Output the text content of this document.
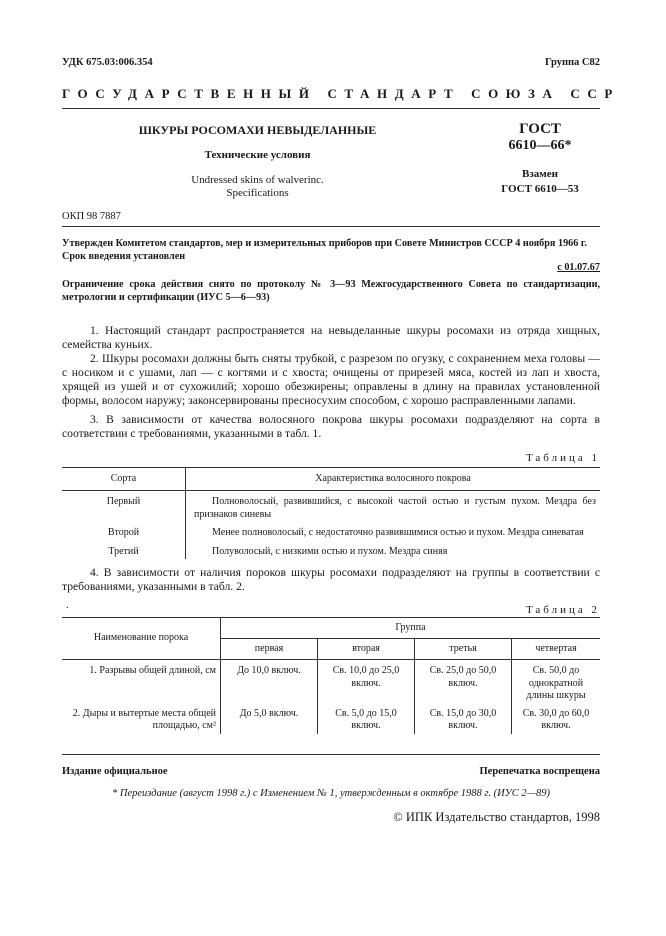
УДК 675.03:006.354	Группа С82
ГОСУДАРСТВЕННЫЙ СТАНДАРТ СОЮЗА ССР
ШКУРЫ РОСОМАХИ НЕВЫДЕЛАННЫЕ
Технические условия
Undressed skins of walverinc.
Specifications
ГОСТ
6610—66*
Взамен
ГОСТ 6610—53
ОКП 98 7887
Утвержден Комитетом стандартов, мер и измерительных приборов при Совете Министров СССР 4 ноября 1966 г.
Срок введения установлен
с 01.07.67
Ограничение срока действия снято по протоколу № 3—93 Межгосударственного Совета по стандартизации, метрологии и сертификации (ИУС 5—6—93)
1. Настоящий стандарт распространяется на невыделанные шкуры росомахи из отряда хищных, семейства куньих.
2. Шкуры росомахи должны быть сняты трубкой, с разрезом по огузку, с сохранением меха головы — с носиком и с ушами, лап — с когтями и с хвоста; очищены от прирезей мяса, костей из лап и хвоста, хрящей из ушей и от сухожилий; хорошо обезжирены; оправлены в длину на правилах установленной формы, волосом наружу; законсервированы пресносухим способом, с хорошо расправленными лапами.
3. В зависимости от качества волосяного покрова шкуры росомахи подразделяют на сорта в соответствии с требованиями, указанными в табл. 1.
Таблица 1
Сорта	Характеристика волосяного покрова
Первый	Полноволосый, развившийся, с высокой частой остью и густым пухом. Мездра без признаков синевы
Второй	Менее полноволосый, с недостаточно развившимися остью и пухом. Мездра синеватая
Третий	Полуволосый, с низкими остью и пухом. Мездра синяя
4. В зависимости от наличия пороков шкуры росомахи подразделяют на группы в соответствии с требованиями, указанными в табл. 2.
.	Таблица 2
Наименование порока	Группа			
	первая	вторая	третья	четвертая
1. Разрывы общей длиной, см	До 10,0 включ.	Св. 10,0 до 25,0 включ.	Св. 25,0 до 50,0 включ.	Св. 50,0 до однократной длины шкуры
2. Дыры и вытертые места общей площадью, см²	До 5,0 включ.	Св. 5,0 до 15,0 включ.	Св. 15,0 до 30,0 включ.	Св. 30,0 до 60,0 включ.
Издание официальное	Перепечатка воспрещена
* Переиздание (август 1998 г.) с Изменением № 1, утвержденным в октябре 1988 г. (ИУС 2—89)
© ИПК Издательство стандартов, 1998
